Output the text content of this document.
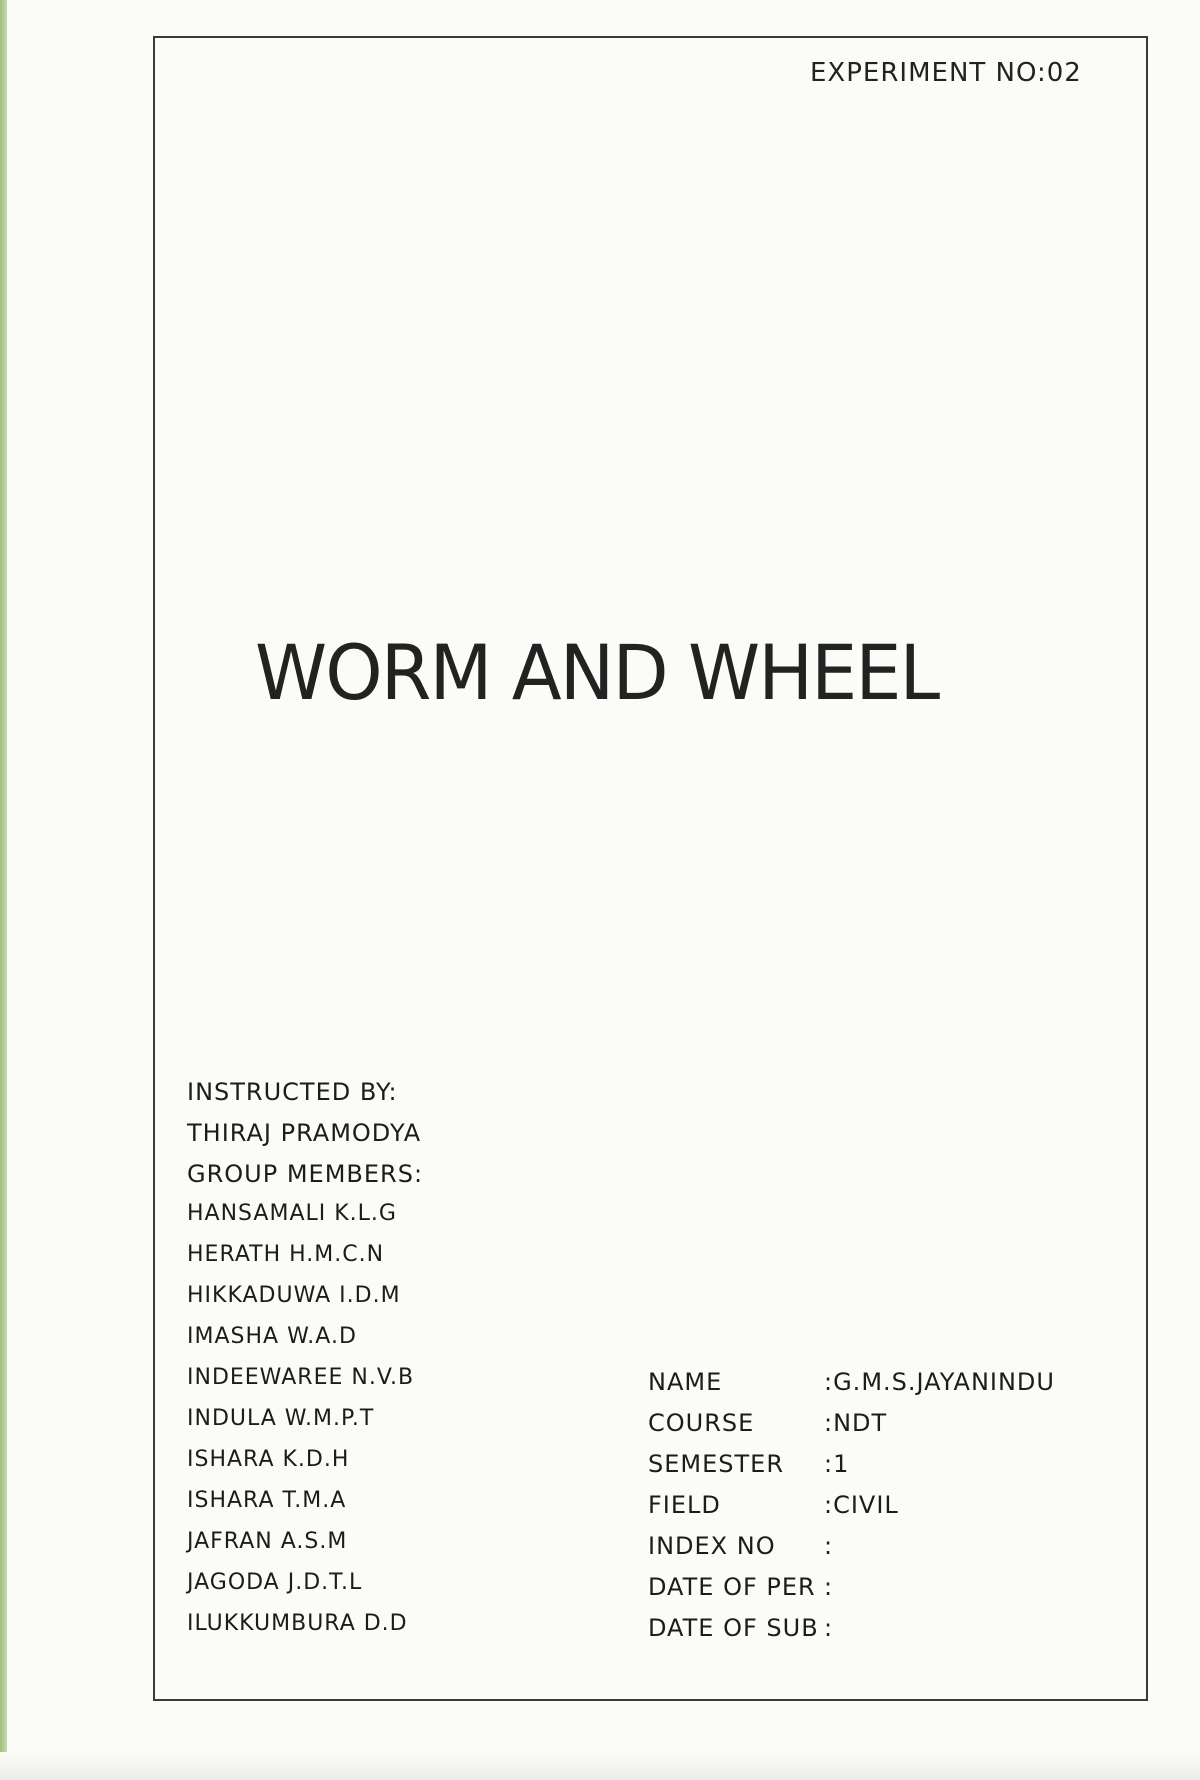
EXPERIMENT NO:02
WORM AND WHEEL
INSTRUCTED BY:
THIRAJ PRAMODYA
GROUP MEMBERS:
HANSAMALI K.L.G
HERATH H.M.C.N
HIKKADUWA I.D.M
IMASHA W.A.D
INDEEWAREE N.V.B
INDULA W.M.P.T
ISHARA K.D.H
ISHARA T.M.A
JAFRAN A.S.M
JAGODA J.D.T.L
ILUKKUMBURA D.D
NAME	:G.M.S.JAYANINDU
COURSE	:NDT
SEMESTER	:1
FIELD	:CIVIL
INDEX NO	:
DATE OF PER :
DATE OF SUB :
